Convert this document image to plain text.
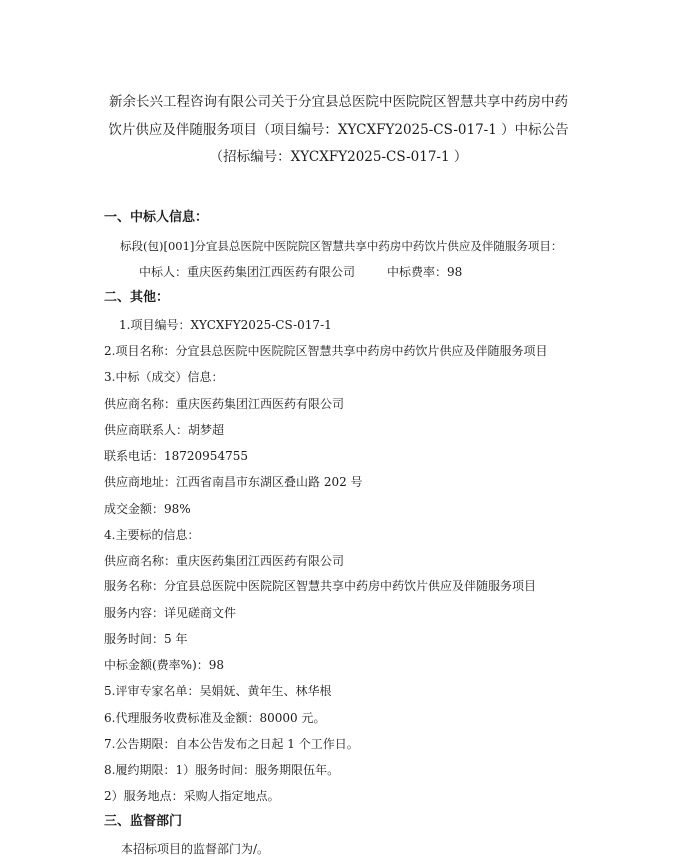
新余长兴工程咨询有限公司关于分宜县总医院中医院院区智慧共享中药房中药
饮片供应及伴随服务项目（项目编号：XYCXFY2025-CS-017-1 ）中标公告
（招标编号：XYCXFY2025-CS-017-1 ）
一、中标人信息：
标段(包)[001]分宜县总医院中医院院区智慧共享中药房中药饮片供应及伴随服务项目：
中标人：重庆医药集团江西医药有限公司	中标费率：98
二、其他：
1.项目编号：XYCXFY2025-CS-017-1
2.项目名称：分宜县总医院中医院院区智慧共享中药房中药饮片供应及伴随服务项目
3.中标（成交）信息：
供应商名称：重庆医药集团江西医药有限公司
供应商联系人：胡梦超
联系电话：18720954755
供应商地址：江西省南昌市东湖区叠山路 202 号
成交金额：98%
4.主要标的信息：
供应商名称：重庆医药集团江西医药有限公司
服务名称：分宜县总医院中医院院区智慧共享中药房中药饮片供应及伴随服务项目
服务内容：详见磋商文件
服务时间：5 年
中标金额(费率%)：98
5.评审专家名单：吴娟妩、黄年生、林华根
6.代理服务收费标准及金额：80000 元。
7.公告期限：自本公告发布之日起 1 个工作日。
8.履约期限：1）服务时间：服务期限伍年。
2）服务地点：采购人指定地点。
三、监督部门
本招标项目的监督部门为/。
